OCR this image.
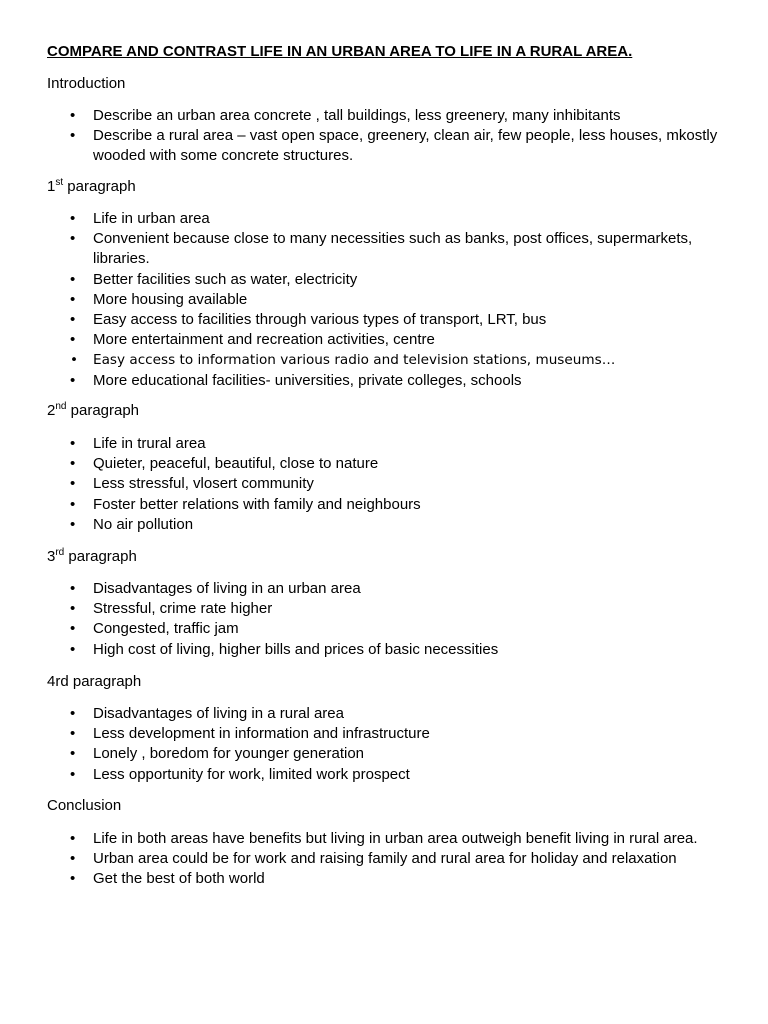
COMPARE AND CONTRAST LIFE IN AN URBAN AREA TO LIFE IN A RURAL AREA.

Introduction

• Describe an urban area concrete , tall buildings, less greenery, many inhibitants
• Describe a rural area – vast open space, greenery, clean air, few people, less houses, mkostly wooded with some concrete structures.

1st paragraph

• Life in urban area
• Convenient because close to many necessities such as banks, post offices, supermarkets, libraries.
• Better facilities such as water, electricity
• More housing available
• Easy access to facilities through various types of transport, LRT, bus
• More entertainment and recreation activities, centre
• Easy access to information various radio and television stations, museums…
• More educational facilities- universities, private colleges, schools

2nd paragraph

• Life in trural area
• Quieter, peaceful, beautiful, close to nature
• Less stressful, vlosert community
• Foster better relations with family and neighbours
• No air pollution

3rd paragraph

• Disadvantages of living in an urban area
• Stressful, crime rate higher
• Congested, traffic jam
• High cost of living, higher bills and prices of basic necessities

4rd paragraph

• Disadvantages of living in a rural area
• Less development in information and infrastructure
• Lonely , boredom for younger generation
• Less opportunity for work, limited work prospect

Conclusion

• Life in both areas have benefits but living in urban area outweigh benefit living in rural area.
• Urban area could be for work and raising family and rural area for holiday and relaxation
• Get the best of both world
